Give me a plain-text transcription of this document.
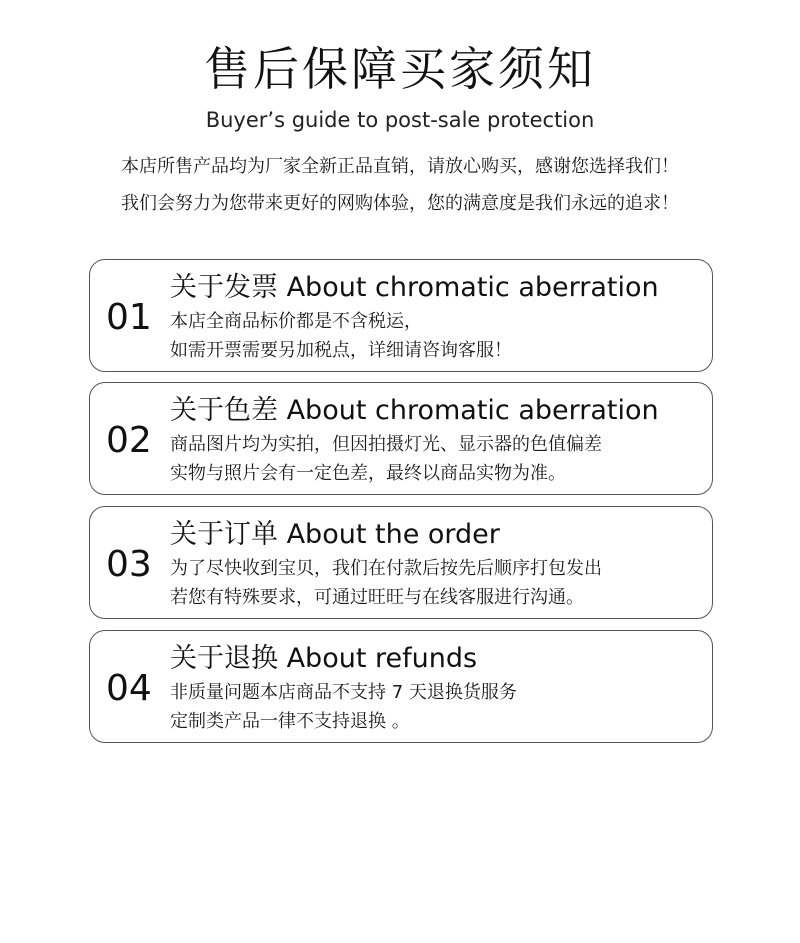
售后保障买家须知
Buyer’s guide to post-sale protection
本店所售产品均为厂家全新正品直销，请放心购买，感谢您选择我们！
我们会努力为您带来更好的网购体验，您的满意度是我们永远的追求！
01
关于发票 About chromatic aberration
本店全商品标价都是不含税运，
如需开票需要另加税点，详细请咨询客服！
02
关于色差 About chromatic aberration
商品图片均为实拍，但因拍摄灯光、显示器的色值偏差
实物与照片会有一定色差，最终以商品实物为准。
03
关于订单 About the order
为了尽快收到宝贝，我们在付款后按先后顺序打包发出
若您有特殊要求，可通过旺旺与在线客服进行沟通。
04
关于退换 About refunds
非质量问题本店商品不支持 7 天退换货服务
定制类产品一律不支持退换 。
